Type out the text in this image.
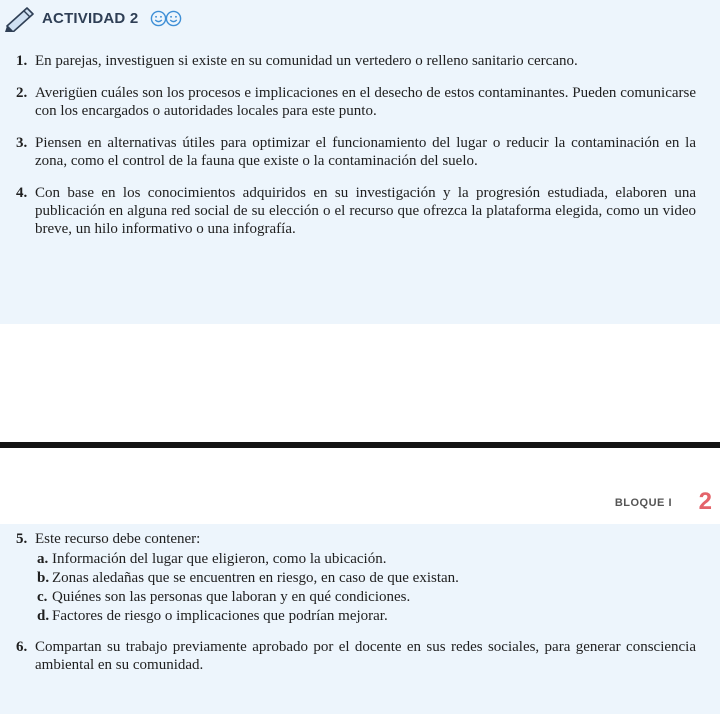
ACTIVIDAD 2
1. En parejas, investiguen si existe en su comunidad un vertedero o relleno sanitario cercano.
2. Averigüen cuáles son los procesos e implicaciones en el desecho de estos contaminantes. Pueden comunicarse con los encargados o autoridades locales para este punto.
3. Piensen en alternativas útiles para optimizar el funcionamiento del lugar o reducir la contaminación en la zona, como el control de la fauna que existe o la contaminación del suelo.
4. Con base en los conocimientos adquiridos en su investigación y la progresión estudiada, elaboren una publicación en alguna red social de su elección o el recurso que ofrezca la plataforma elegida, como un video breve, un hilo informativo o una infografía.
BLOQUE I 2
5. Este recurso debe contener:
a. Información del lugar que eligieron, como la ubicación.
b. Zonas aledañas que se encuentren en riesgo, en caso de que existan.
c. Quiénes son las personas que laboran y en qué condiciones.
d. Factores de riesgo o implicaciones que podrían mejorar.
6. Compartan su trabajo previamente aprobado por el docente en sus redes sociales, para generar consciencia ambiental en su comunidad.
